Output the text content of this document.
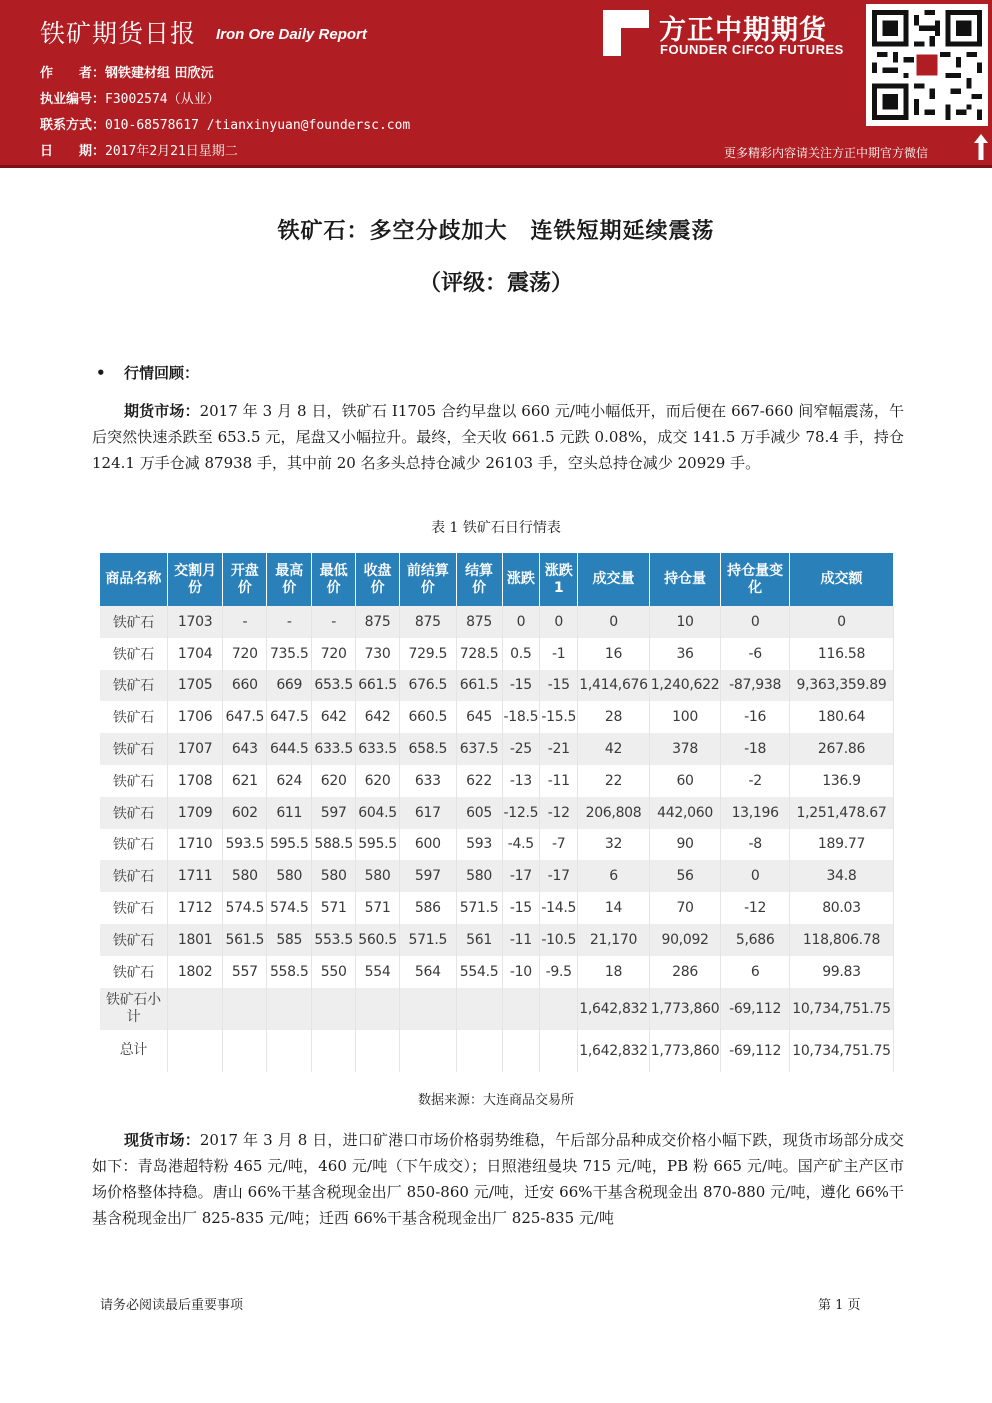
铁矿期货日报 Iron Ore Daily Report
作　　者：钢铁建材组 田欣沅
执业编号：F3002574（从业）
联系方式：010-68578617 /tianxinyuan@foundersc.com
日　　期：2017年2月21日星期二
方正中期期货
FOUNDER CIFCO FUTURES
更多精彩内容请关注方正中期官方微信
铁矿石：多空分歧加大　连铁短期延续震荡
（评级：震荡）
• 行情回顾：

期货市场：2017 年 3 月 8 日，铁矿石 I1705 合约早盘以 660 元/吨小幅低开，而后便在 667-660 间窄幅震荡，午后突然快速杀跌至 653.5 元，尾盘又小幅拉升。最终，全天收 661.5 元跌 0.08%，成交 141.5 万手减少 78.4 手，持仓 124.1 万手仓减 87938 手，其中前 20 名多头总持仓减少 26103 手，空头总持仓减少 20929 手。

表 1 铁矿石日行情表
商品名称	交割月份	开盘价	最高价	最低价	收盘价	前结算价	结算价	涨跌	涨跌1	成交量	持仓量	持仓量变化	成交额
铁矿石	1703	-	-	-	875	875	875	0	0	0	10	0	0
铁矿石	1704	720	735.5	720	730	729.5	728.5	0.5	-1	16	36	-6	116.58
铁矿石	1705	660	669	653.5	661.5	676.5	661.5	-15	-15	1,414,676	1,240,622	-87,938	9,363,359.89
铁矿石	1706	647.5	647.5	642	642	660.5	645	-18.5	-15.5	28	100	-16	180.64
铁矿石	1707	643	644.5	633.5	633.5	658.5	637.5	-25	-21	42	378	-18	267.86
铁矿石	1708	621	624	620	620	633	622	-13	-11	22	60	-2	136.9
铁矿石	1709	602	611	597	604.5	617	605	-12.5	-12	206,808	442,060	13,196	1,251,478.67
铁矿石	1710	593.5	595.5	588.5	595.5	600	593	-4.5	-7	32	90	-8	189.77
铁矿石	1711	580	580	580	580	597	580	-17	-17	6	56	0	34.8
铁矿石	1712	574.5	574.5	571	571	586	571.5	-15	-14.5	14	70	-12	80.03
铁矿石	1801	561.5	585	553.5	560.5	571.5	561	-11	-10.5	21,170	90,092	5,686	118,806.78
铁矿石	1802	557	558.5	550	554	564	554.5	-10	-9.5	18	286	6	99.83
铁矿石小计										1,642,832	1,773,860	-69,112	10,734,751.75
总计										1,642,832	1,773,860	-69,112	10,734,751.75
数据来源：大连商品交易所

现货市场：2017 年 3 月 8 日，进口矿港口市场价格弱势维稳，午后部分品种成交价格小幅下跌，现货市场部分成交如下：青岛港超特粉 465 元/吨，460 元/吨（下午成交）；日照港纽曼块 715 元/吨，PB 粉 665 元/吨。国产矿主产区市场价格整体持稳。唐山 66%干基含税现金出厂 850-860 元/吨，迁安 66%干基含税现金出 870-880 元/吨，遵化 66%干基含税现金出厂 825-835 元/吨；迁西 66%干基含税现金出厂 825-835 元/吨

请务必阅读最后重要事项	第 1 页
